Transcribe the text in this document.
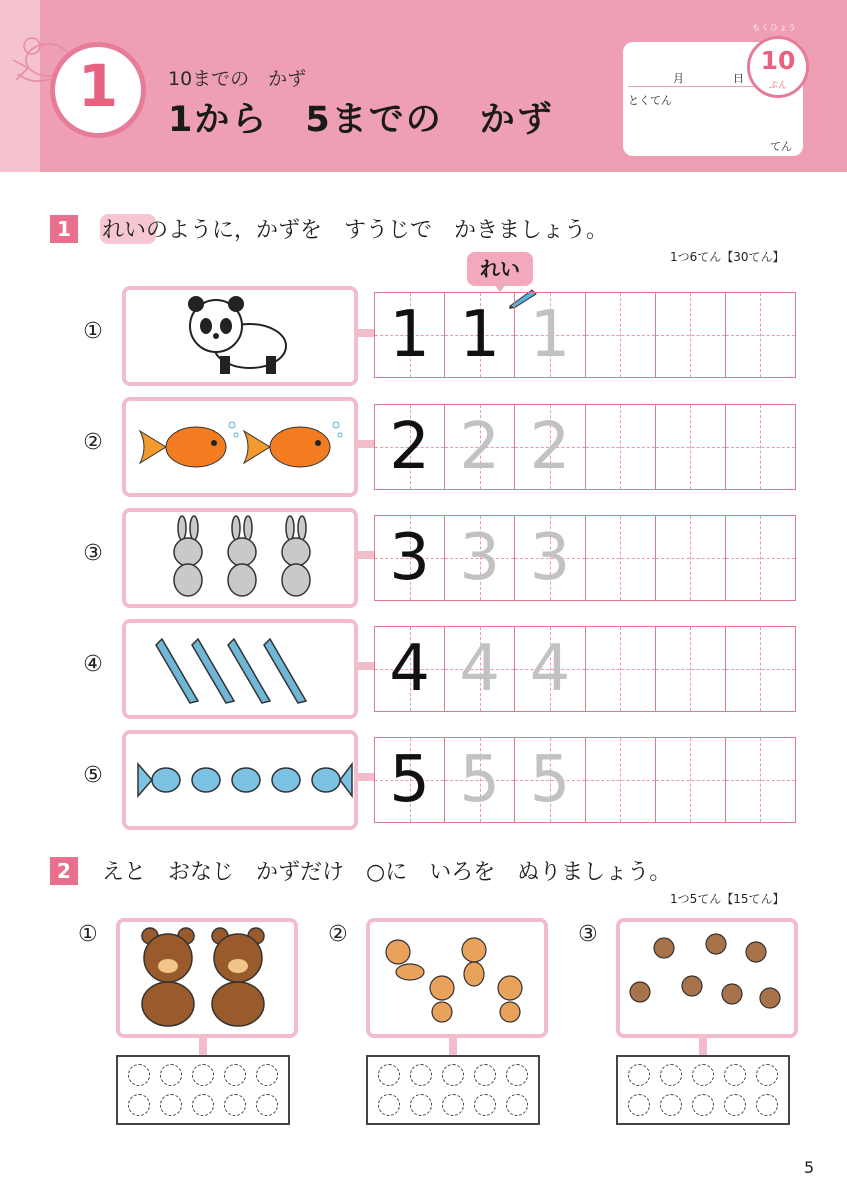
1	10までの　かず
1から　5までの　かず
月	日
とくてん
てん
もくひょう
10
ぷん
1	れいのように，かずを　すうじで　かきましょう。
1つ6てん【30てん】
れい
①	1 1 1
②	2 2 2
③	3 3 3
④	4 4 4
⑤	5 5 5
2	えと　おなじ　かずだけ　○に　いろを　ぬりましょう。
1つ5てん【15てん】
①	②	③
5
